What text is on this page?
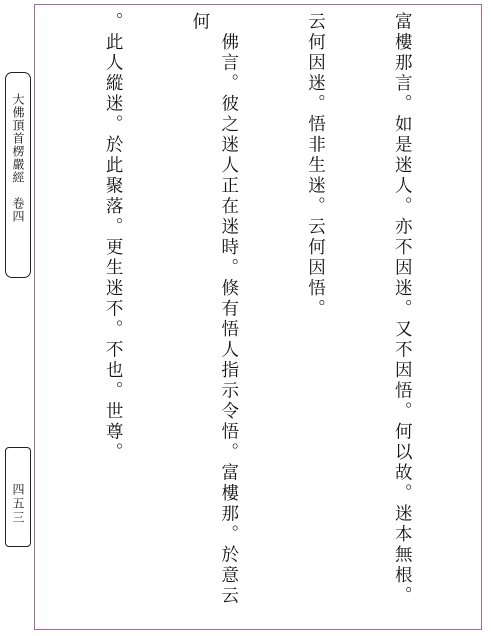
大佛頂首楞嚴經　卷四
四五三

	富樓那言。如是迷人。亦不因迷。又不因悟。何以故。迷本無根。

云何因迷。悟非生迷。云何因悟。

　佛言。彼之迷人正在迷時。倏有悟人指示令悟。富樓那。於意云何

。此人縱迷。於此聚落。更生迷不。不也。世尊。
